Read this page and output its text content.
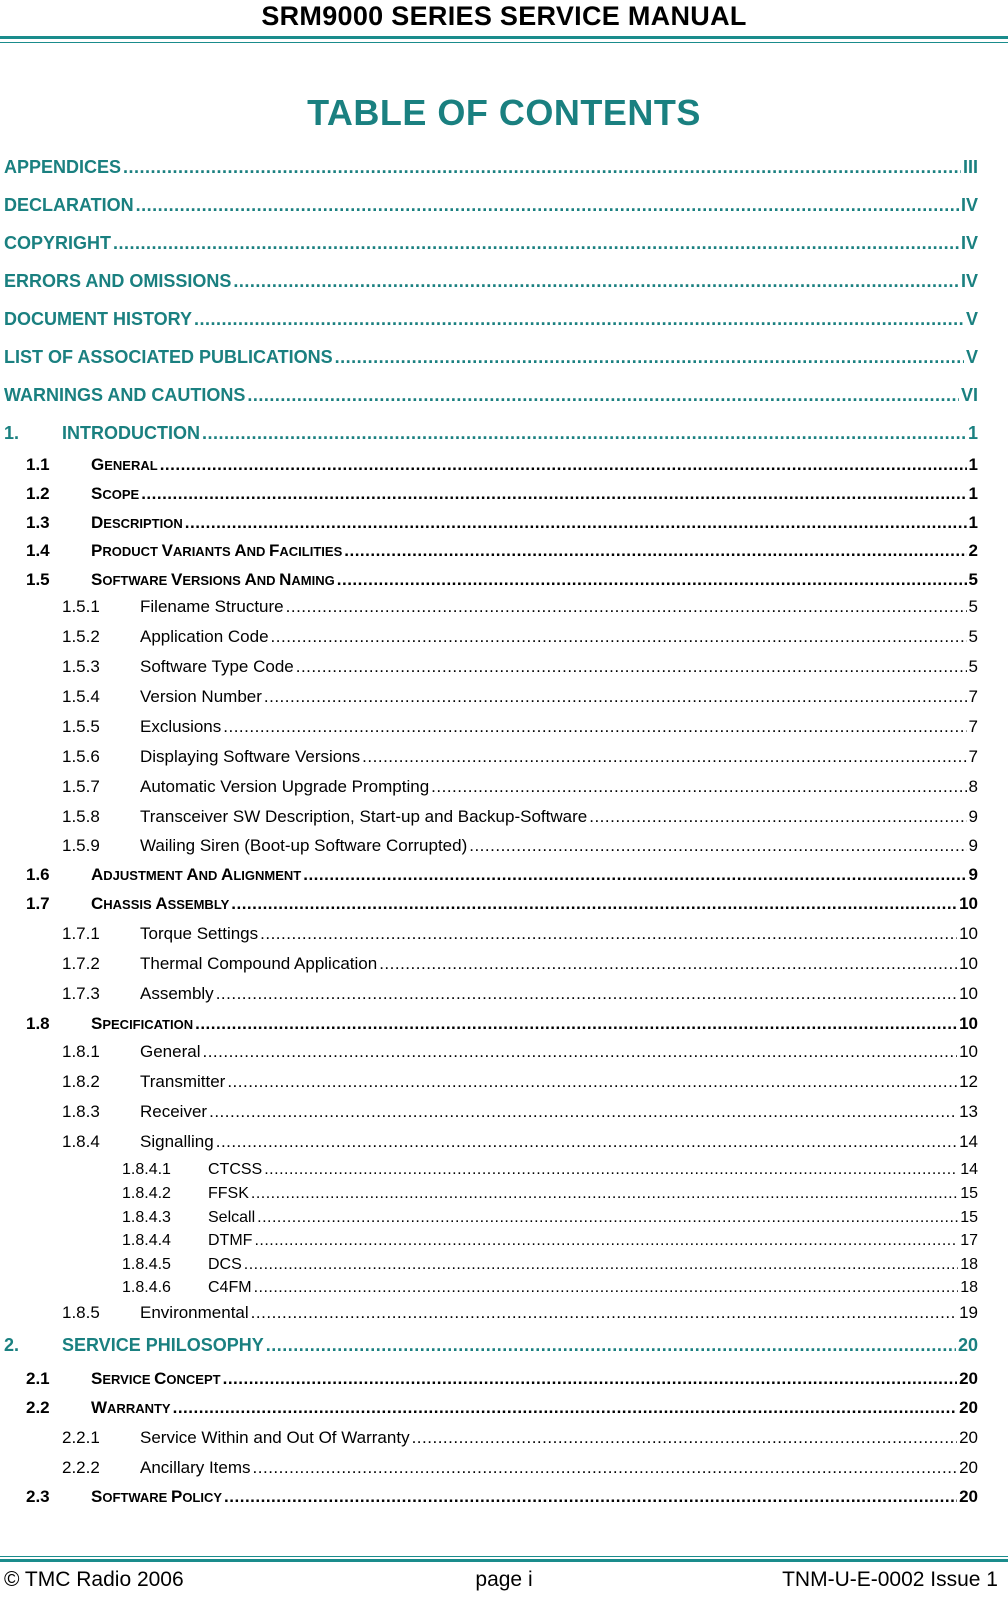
SRM9000 SERIES SERVICE MANUAL
TABLE OF CONTENTS
APPENDICES .....	III
DECLARATION .....	IV
COPYRIGHT .....	IV
ERRORS AND OMISSIONS .....	IV
DOCUMENT HISTORY .....	V
LIST OF ASSOCIATED PUBLICATIONS .....	V
WARNINGS AND CAUTIONS .....	VI
1.	INTRODUCTION .....	1
1.1	GENERAL .....	1
1.2	SCOPE .....	1
1.3	DESCRIPTION .....	1
1.4	PRODUCT VARIANTS AND FACILITIES .....	2
1.5	SOFTWARE VERSIONS AND NAMING .....	5
1.5.1	Filename Structure .....	5
1.5.2	Application Code .....	5
1.5.3	Software Type Code .....	5
1.5.4	Version Number .....	7
1.5.5	Exclusions .....	7
1.5.6	Displaying Software Versions .....	7
1.5.7	Automatic Version Upgrade Prompting .....	8
1.5.8	Transceiver SW Description, Start-up and Backup-Software .....	9
1.5.9	Wailing Siren (Boot-up Software Corrupted) .....	9
1.6	ADJUSTMENT AND ALIGNMENT .....	9
1.7	CHASSIS ASSEMBLY .....	10
1.7.1	Torque Settings .....	10
1.7.2	Thermal Compound Application .....	10
1.7.3	Assembly .....	10
1.8	SPECIFICATION .....	10
1.8.1	General .....	10
1.8.2	Transmitter .....	12
1.8.3	Receiver .....	13
1.8.4	Signalling .....	14
1.8.4.1	CTCSS .....	14
1.8.4.2	FFSK .....	15
1.8.4.3	Selcall .....	15
1.8.4.4	DTMF .....	17
1.8.4.5	DCS .....	18
1.8.4.6	C4FM .....	18
1.8.5	Environmental .....	19
2.	SERVICE PHILOSOPHY .....	20
2.1	SERVICE CONCEPT .....	20
2.2	WARRANTY .....	20
2.2.1	Service Within and Out Of Warranty .....	20
2.2.2	Ancillary Items .....	20
2.3	SOFTWARE POLICY .....	20
© TMC Radio 2006	page i	TNM-U-E-0002 Issue 1
